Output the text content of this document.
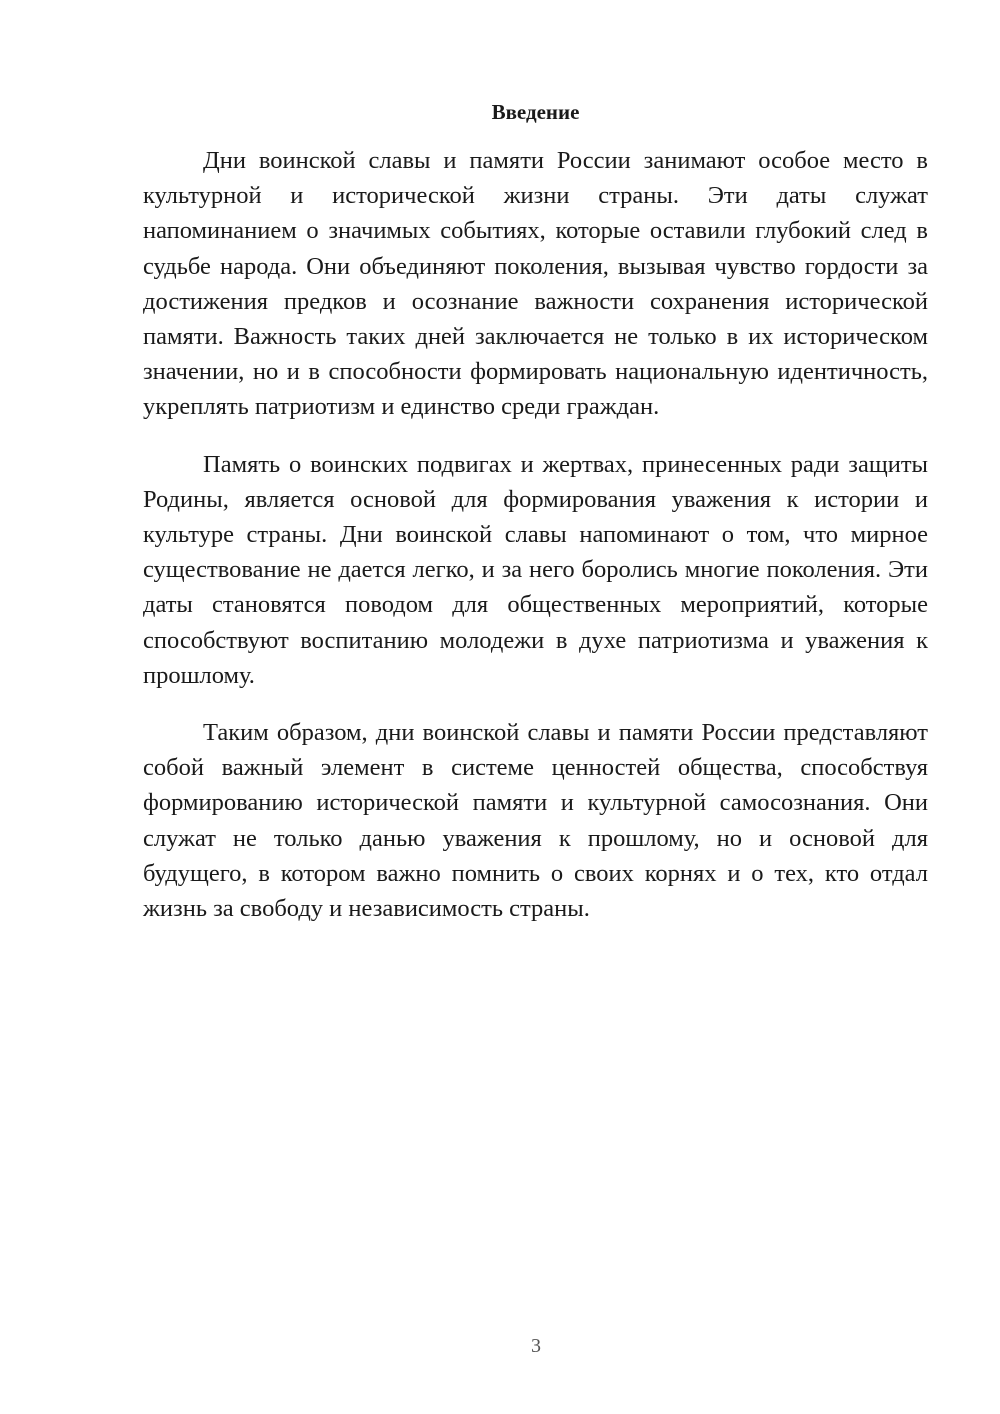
Введение

Дни воинской славы и памяти России занимают особое место в культурной и исторической жизни страны. Эти даты служат напоминанием о значимых событиях, которые оставили глубокий след в судьбе народа. Они объединяют поколения, вызывая чувство гордости за достижения предков и осознание важности сохранения исторической памяти. Важность таких дней заключается не только в их историческом значении, но и в способности формировать национальную идентичность, укреплять патриотизм и единство среди граждан.

Память о воинских подвигах и жертвах, принесенных ради защиты Родины, является основой для формирования уважения к истории и культуре страны. Дни воинской славы напоминают о том, что мирное существование не дается легко, и за него боролись многие поколения. Эти даты становятся поводом для общественных мероприятий, которые способствуют воспитанию молодежи в духе патриотизма и уважения к прошлому.

Таким образом, дни воинской славы и памяти России представляют собой важный элемент в системе ценностей общества, способствуя формированию исторической памяти и культурной самосознания. Они служат не только данью уважения к прошлому, но и основой для будущего, в котором важно помнить о своих корнях и о тех, кто отдал жизнь за свободу и независимость страны.

3
